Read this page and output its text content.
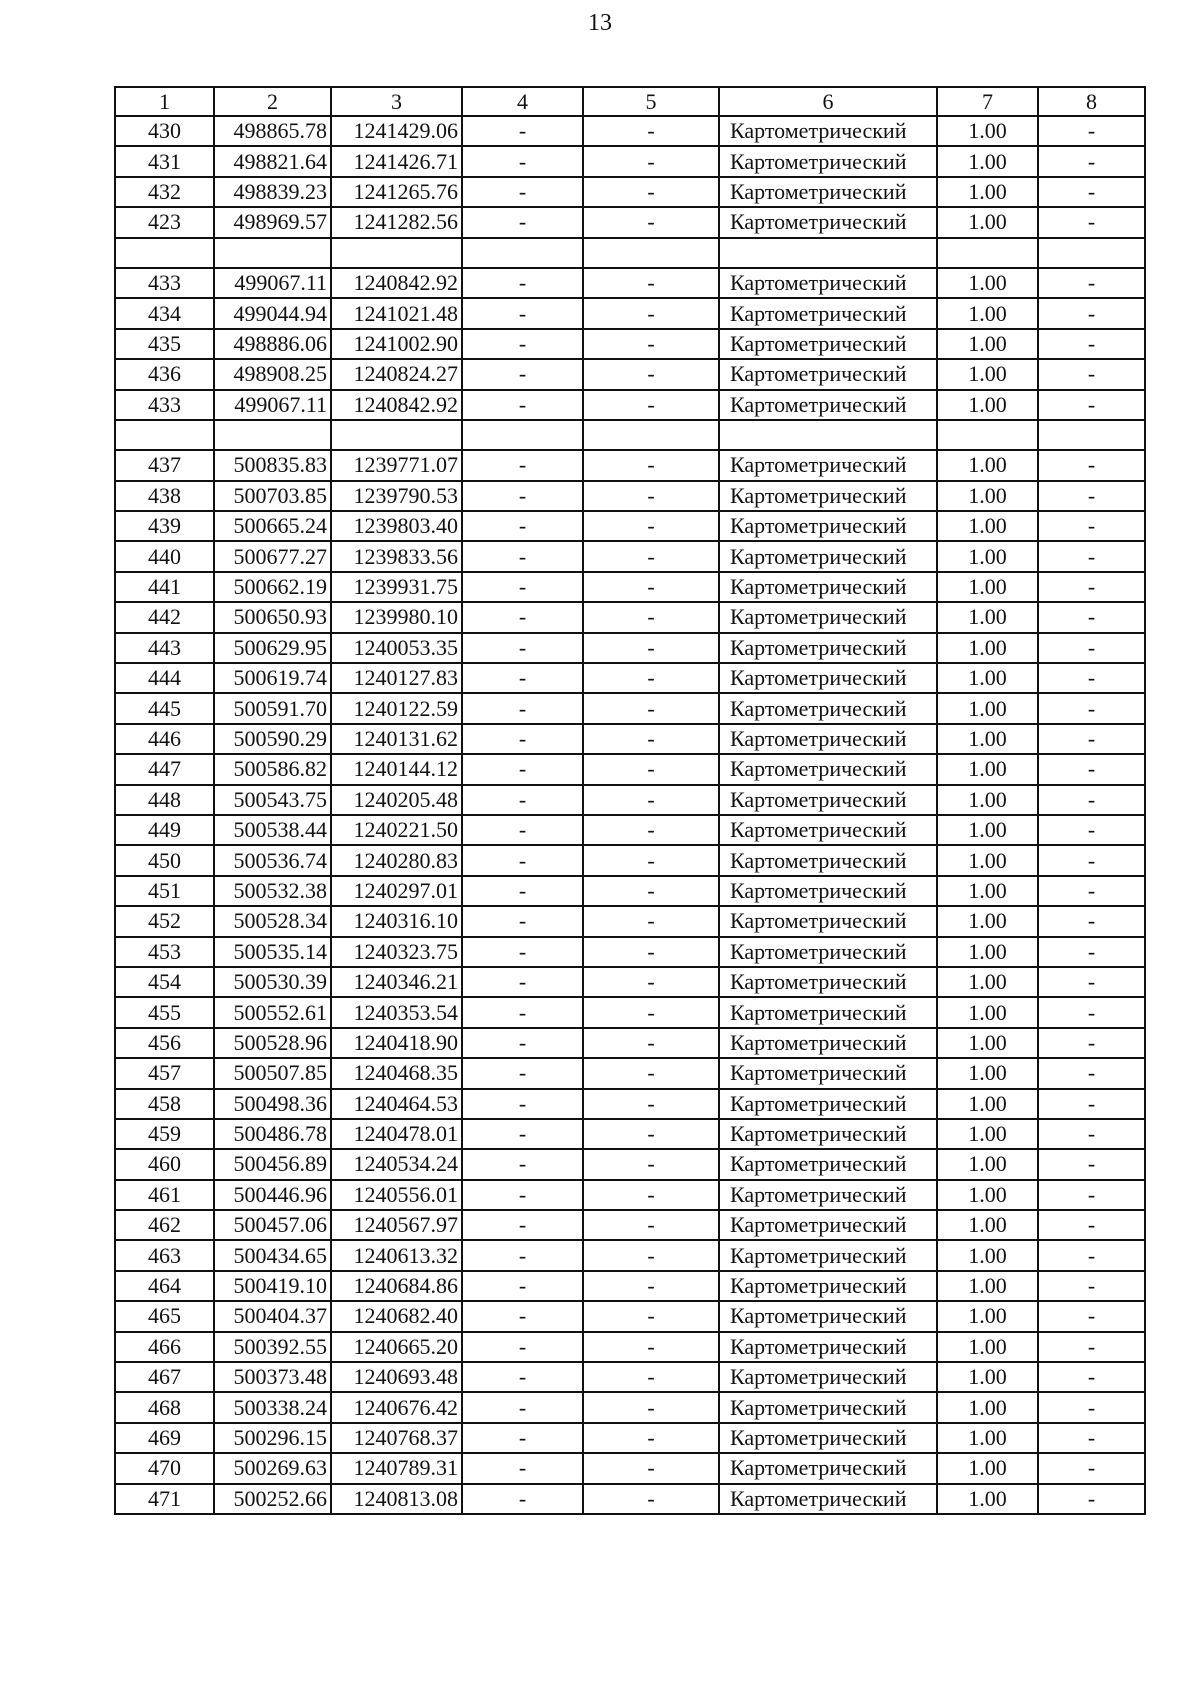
13
1	2	3	4	5	6	7	8
430	498865.78	1241429.06	-	-	Картометрический	1.00	-
431	498821.64	1241426.71	-	-	Картометрический	1.00	-
432	498839.23	1241265.76	-	-	Картометрический	1.00	-
423	498969.57	1241282.56	-	-	Картометрический	1.00	-

433	499067.11	1240842.92	-	-	Картометрический	1.00	-
434	499044.94	1241021.48	-	-	Картометрический	1.00	-
435	498886.06	1241002.90	-	-	Картометрический	1.00	-
436	498908.25	1240824.27	-	-	Картометрический	1.00	-
433	499067.11	1240842.92	-	-	Картометрический	1.00	-

437	500835.83	1239771.07	-	-	Картометрический	1.00	-
438	500703.85	1239790.53	-	-	Картометрический	1.00	-
439	500665.24	1239803.40	-	-	Картометрический	1.00	-
440	500677.27	1239833.56	-	-	Картометрический	1.00	-
441	500662.19	1239931.75	-	-	Картометрический	1.00	-
442	500650.93	1239980.10	-	-	Картометрический	1.00	-
443	500629.95	1240053.35	-	-	Картометрический	1.00	-
444	500619.74	1240127.83	-	-	Картометрический	1.00	-
445	500591.70	1240122.59	-	-	Картометрический	1.00	-
446	500590.29	1240131.62	-	-	Картометрический	1.00	-
447	500586.82	1240144.12	-	-	Картометрический	1.00	-
448	500543.75	1240205.48	-	-	Картометрический	1.00	-
449	500538.44	1240221.50	-	-	Картометрический	1.00	-
450	500536.74	1240280.83	-	-	Картометрический	1.00	-
451	500532.38	1240297.01	-	-	Картометрический	1.00	-
452	500528.34	1240316.10	-	-	Картометрический	1.00	-
453	500535.14	1240323.75	-	-	Картометрический	1.00	-
454	500530.39	1240346.21	-	-	Картометрический	1.00	-
455	500552.61	1240353.54	-	-	Картометрический	1.00	-
456	500528.96	1240418.90	-	-	Картометрический	1.00	-
457	500507.85	1240468.35	-	-	Картометрический	1.00	-
458	500498.36	1240464.53	-	-	Картометрический	1.00	-
459	500486.78	1240478.01	-	-	Картометрический	1.00	-
460	500456.89	1240534.24	-	-	Картометрический	1.00	-
461	500446.96	1240556.01	-	-	Картометрический	1.00	-
462	500457.06	1240567.97	-	-	Картометрический	1.00	-
463	500434.65	1240613.32	-	-	Картометрический	1.00	-
464	500419.10	1240684.86	-	-	Картометрический	1.00	-
465	500404.37	1240682.40	-	-	Картометрический	1.00	-
466	500392.55	1240665.20	-	-	Картометрический	1.00	-
467	500373.48	1240693.48	-	-	Картометрический	1.00	-
468	500338.24	1240676.42	-	-	Картометрический	1.00	-
469	500296.15	1240768.37	-	-	Картометрический	1.00	-
470	500269.63	1240789.31	-	-	Картометрический	1.00	-
471	500252.66	1240813.08	-	-	Картометрический	1.00	-
